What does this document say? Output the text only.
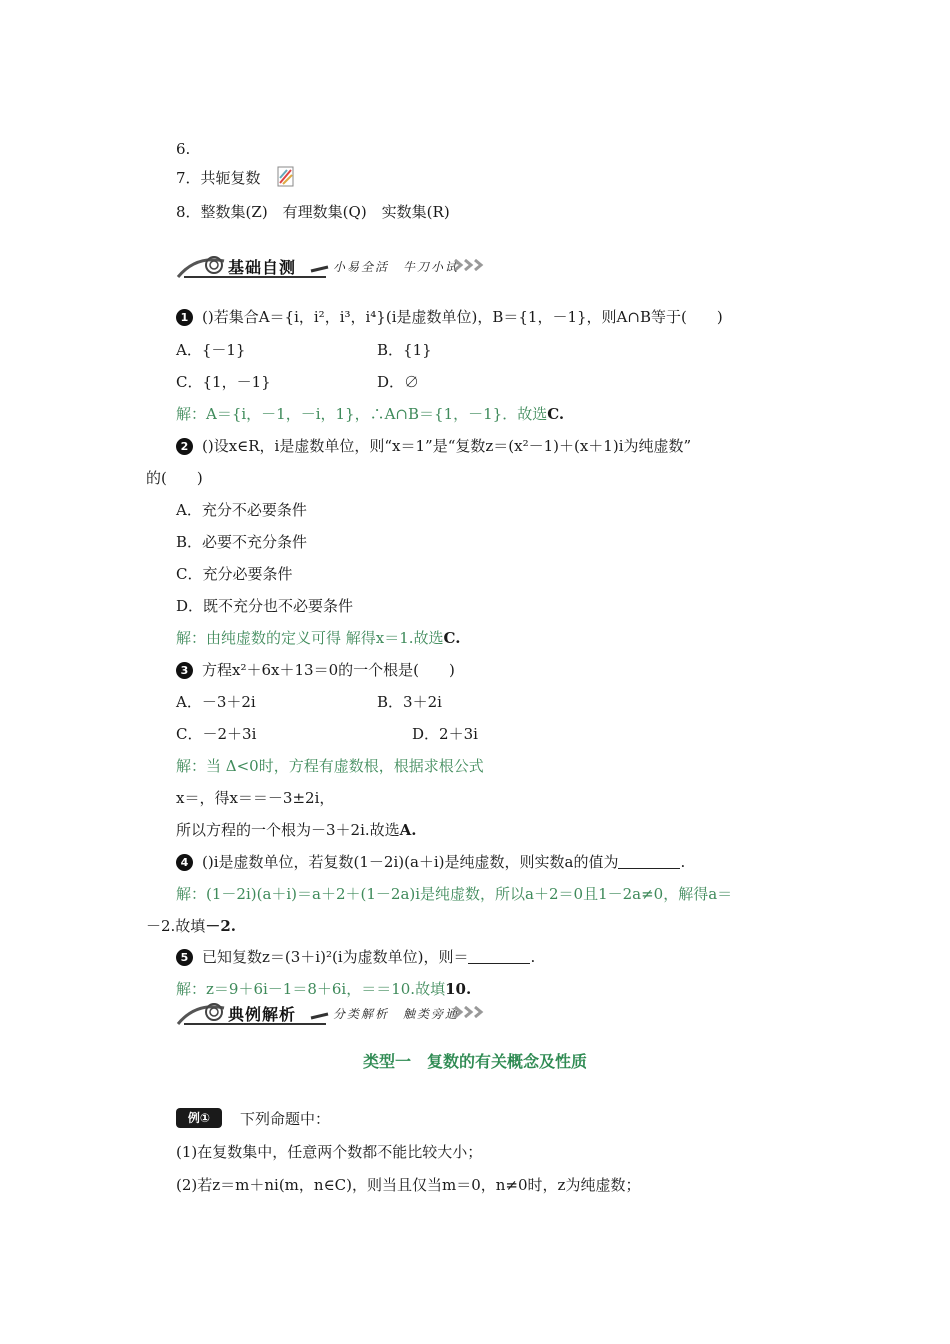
6.
7．共轭复数
8．整数集(Z)　有理数集(Q)　实数集(R)
基础自测	小易全活　牛刀小试
1 ()若集合A＝{i，i²，i³，i⁴}(i是虚数单位)，B＝{1，－1}，则A∩B等于(　　)
A．{－1}	B．{1}
C．{1，－1}	D．∅
解：A＝{i，－1，－i，1}，∴A∩B＝{1，－1}．故选C.
2 ()设x∈R，i是虚数单位，则“x＝1”是“复数z＝(x²－1)＋(x＋1)i为纯虚数”
的(　　)
A．充分不必要条件
B．必要不充分条件
C．充分必要条件
D．既不充分也不必要条件
解：由纯虚数的定义可得 解得x＝1.故选C.
3 方程x²＋6x＋13＝0的一个根是(　　)
A．－3＋2i	B．3＋2i
C．－2＋3i	D．2＋3i
解：当 Δ<0时，方程有虚数根，根据求根公式
x＝，得x＝＝－3±2i，
所以方程的一个根为－3＋2i.故选A.
4 ()i是虚数单位，若复数(1－2i)(a＋i)是纯虚数，则实数a的值为	.
解：(1－2i)(a＋i)＝a＋2＋(1－2a)i是纯虚数，所以a＋2＝0且1－2a≠0，解得a＝
－2.故填－2.
5 已知复数z＝(3＋i)²(i为虚数单位)，则＝	.
解：z＝9＋6i－1＝8＋6i，＝＝10.故填10.
典例解析	分类解析　触类旁通
类型一　复数的有关概念及性质
例① 下列命题中：
(1)在复数集中，任意两个数都不能比较大小；
(2)若z＝m＋ni(m，n∈C)，则当且仅当m＝0，n≠0时，z为纯虚数；
